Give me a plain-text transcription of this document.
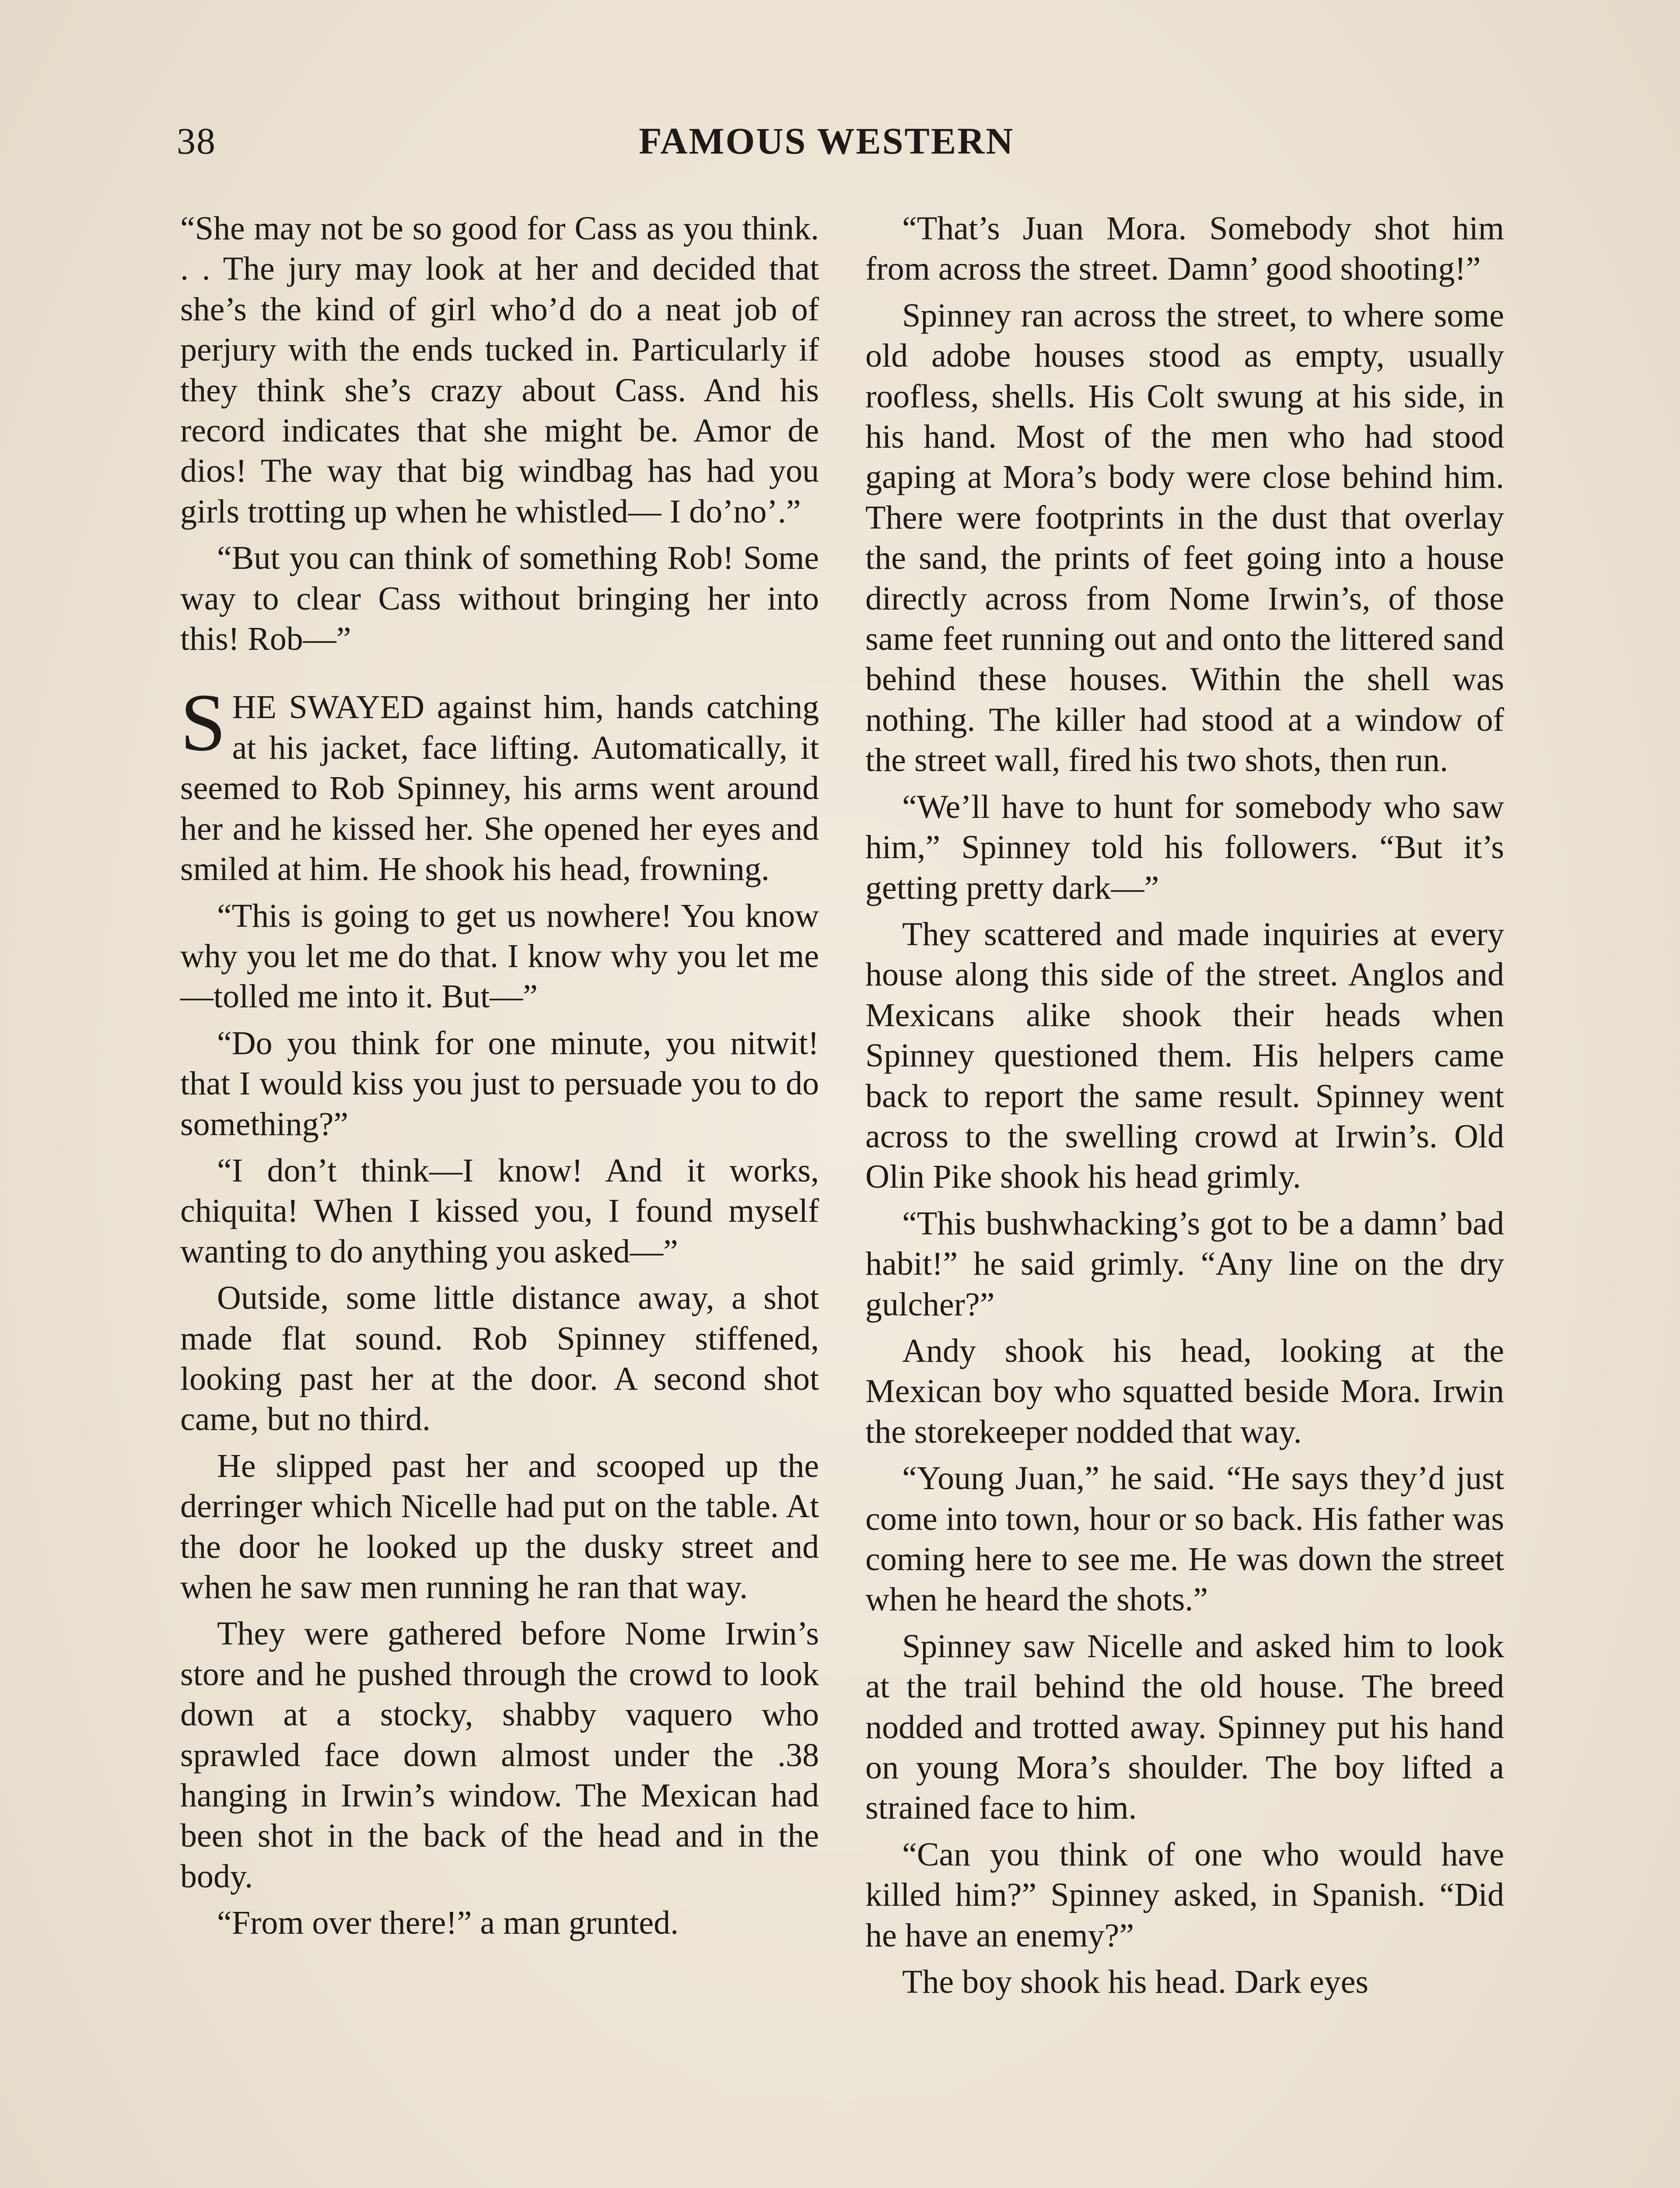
38	FAMOUS WESTERN

“She may not be so good for Cass as you think. . . The jury may look at her and decided that she’s the kind of girl who’d do a neat job of perjury with the ends tucked in. Particularly if they think she’s crazy about Cass. And his record indicates that she might be. Amor de dios! The way that big windbag has had you girls trotting up when he whistled— I do’no’.”

“But you can think of something Rob! Some way to clear Cass without bringing her into this! Rob—”

SHE SWAYED against him, hands catching at his jacket, face lifting. Automatically, it seemed to Rob Spinney, his arms went around her and he kissed her. She opened her eyes and smiled at him. He shook his head, frowning.

“This is going to get us nowhere! You know why you let me do that. I know why you let me—tolled me into it. But—”

“Do you think for one minute, you nitwit! that I would kiss you just to persuade you to do something?”

“I don’t think—I know! And it works, chiquita! When I kissed you, I found myself wanting to do anything you asked—”

Outside, some little distance away, a shot made flat sound. Rob Spinney stiffened, looking past her at the door. A second shot came, but no third.

He slipped past her and scooped up the derringer which Nicelle had put on the table. At the door he looked up the dusky street and when he saw men running he ran that way.

They were gathered before Nome Irwin’s store and he pushed through the crowd to look down at a stocky, shabby vaquero who sprawled face down almost under the .38 hanging in Irwin’s window. The Mexican had been shot in the back of the head and in the body.

“From over there!” a man grunted.

“That’s Juan Mora. Somebody shot him from across the street. Damn’ good shooting!”

Spinney ran across the street, to where some old adobe houses stood as empty, usually roofless, shells. His Colt swung at his side, in his hand. Most of the men who had stood gaping at Mora’s body were close behind him. There were footprints in the dust that overlay the sand, the prints of feet going into a house directly across from Nome Irwin’s, of those same feet running out and onto the littered sand behind these houses. Within the shell was nothing. The killer had stood at a window of the street wall, fired his two shots, then run.

“We’ll have to hunt for somebody who saw him,” Spinney told his followers. “But it’s getting pretty dark—”

They scattered and made inquiries at every house along this side of the street. Anglos and Mexicans alike shook their heads when Spinney questioned them. His helpers came back to report the same result. Spinney went across to the swelling crowd at Irwin’s. Old Olin Pike shook his head grimly.

“This bushwhacking’s got to be a damn’ bad habit!” he said grimly. “Any line on the dry gulcher?”

Andy shook his head, looking at the Mexican boy who squatted beside Mora. Irwin the storekeeper nodded that way.

“Young Juan,” he said. “He says they’d just come into town, hour or so back. His father was coming here to see me. He was down the street when he heard the shots.”

Spinney saw Nicelle and asked him to look at the trail behind the old house. The breed nodded and trotted away. Spinney put his hand on young Mora’s shoulder. The boy lifted a strained face to him.

“Can you think of one who would have killed him?” Spinney asked, in Spanish. “Did he have an enemy?”

The boy shook his head. Dark eyes
